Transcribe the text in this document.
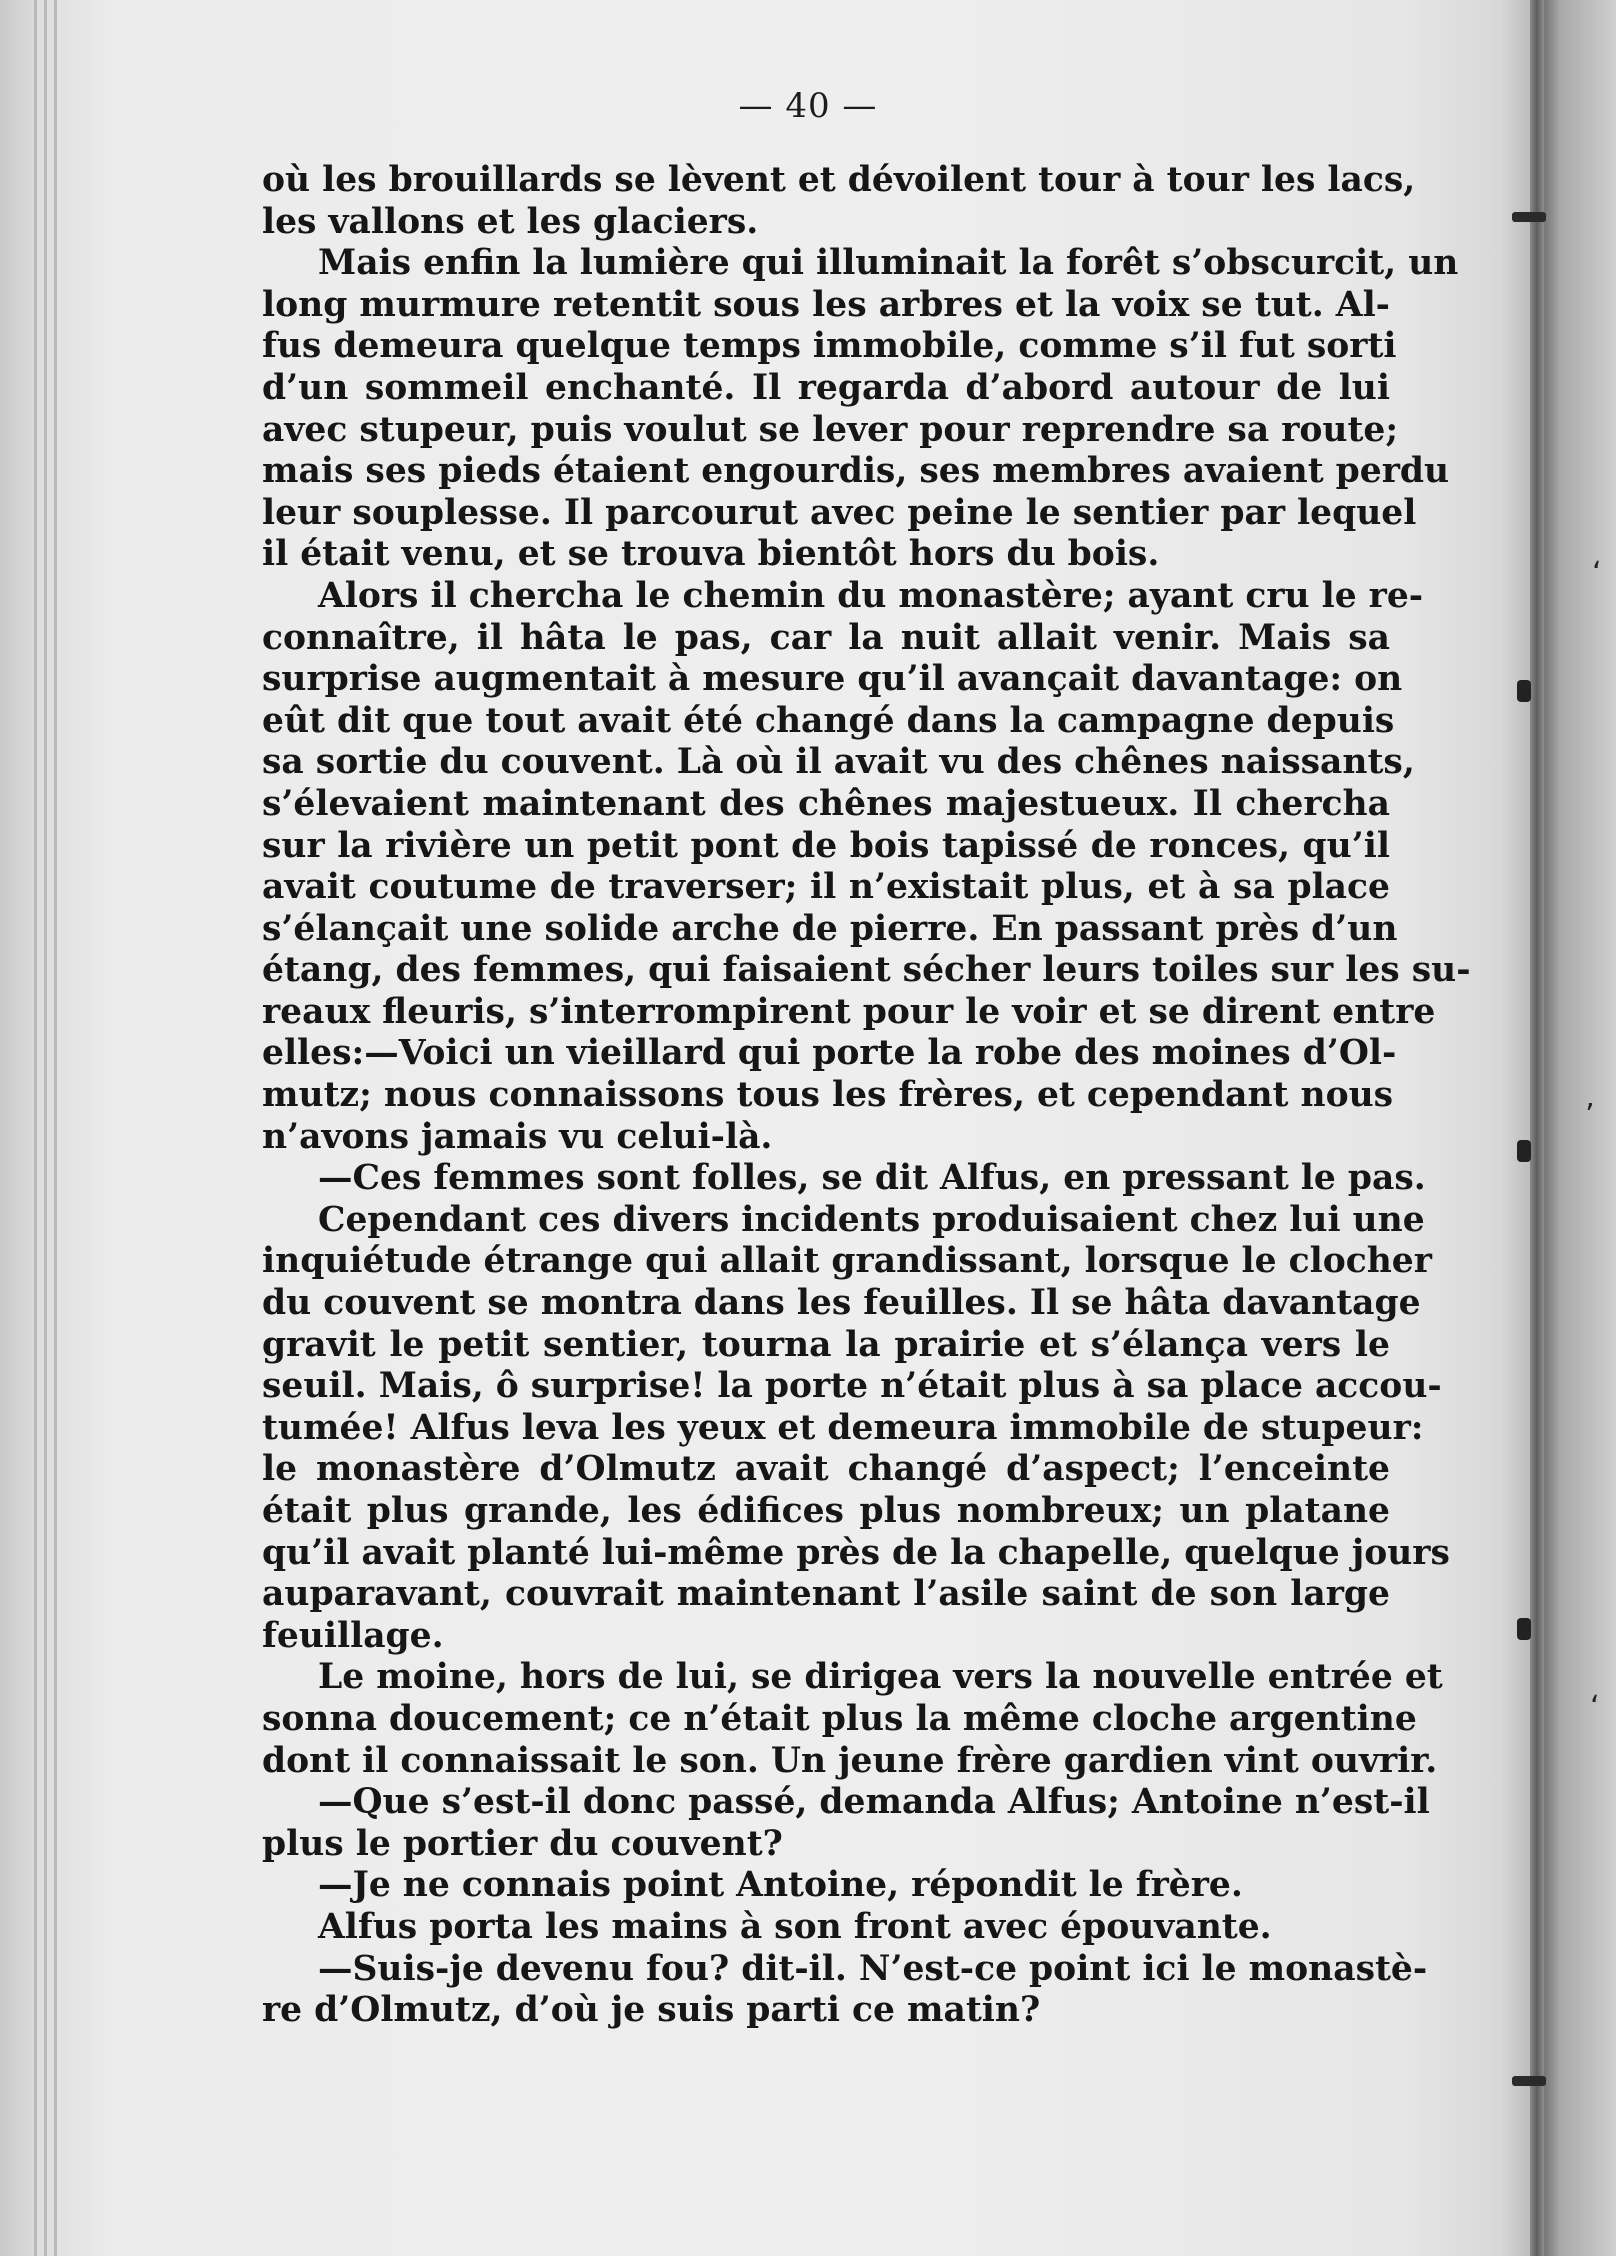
ʻ
ʼ
ʻ
— 40 —
où les brouillards se lèvent et dévoilent tour à tour les lacs,
les vallons et les glaciers.
Mais enfin la lumière qui illuminait la forêt s’obscurcit, un
long murmure retentit sous les arbres et la voix se tut. Al-
fus demeura quelque temps immobile, comme s’il fut sorti
d’un sommeil enchanté. Il regarda d’abord autour de lui
avec stupeur, puis voulut se lever pour reprendre sa route;
mais ses pieds étaient engourdis, ses membres avaient perdu
leur souplesse. Il parcourut avec peine le sentier par lequel
il était venu, et se trouva bientôt hors du bois.
Alors il chercha le chemin du monastère; ayant cru le re-
connaître, il hâta le pas, car la nuit allait venir. Mais sa
surprise augmentait à mesure qu’il avançait davantage: on
eût dit que tout avait été changé dans la campagne depuis
sa sortie du couvent. Là où il avait vu des chênes naissants,
s’élevaient maintenant des chênes majestueux. Il chercha
sur la rivière un petit pont de bois tapissé de ronces, qu’il
avait coutume de traverser; il n’existait plus, et à sa place
s’élançait une solide arche de pierre. En passant près d’un
étang, des femmes, qui faisaient sécher leurs toiles sur les su-
reaux fleuris, s’interrompirent pour le voir et se dirent entre
elles:—Voici un vieillard qui porte la robe des moines d’Ol-
mutz; nous connaissons tous les frères, et cependant nous
n’avons jamais vu celui-là.
—Ces femmes sont folles, se dit Alfus, en pressant le pas.
Cependant ces divers incidents produisaient chez lui une
inquiétude étrange qui allait grandissant, lorsque le clocher
du couvent se montra dans les feuilles. Il se hâta davantage
gravit le petit sentier, tourna la prairie et s’élança vers le
seuil. Mais, ô surprise! la porte n’était plus à sa place accou-
tumée! Alfus leva les yeux et demeura immobile de stupeur:
le monastère d’Olmutz avait changé d’aspect; l’enceinte
était plus grande, les édifices plus nombreux; un platane
qu’il avait planté lui-même près de la chapelle, quelque jours
auparavant, couvrait maintenant l’asile saint de son large
feuillage.
Le moine, hors de lui, se dirigea vers la nouvelle entrée et
sonna doucement; ce n’était plus la même cloche argentine
dont il connaissait le son. Un jeune frère gardien vint ouvrir.
—Que s’est-il donc passé, demanda Alfus; Antoine n’est-il
plus le portier du couvent?
—Je ne connais point Antoine, répondit le frère.
Alfus porta les mains à son front avec épouvante.
—Suis-je devenu fou? dit-il. N’est-ce point ici le monastè-
re d’Olmutz, d’où je suis parti ce matin?
